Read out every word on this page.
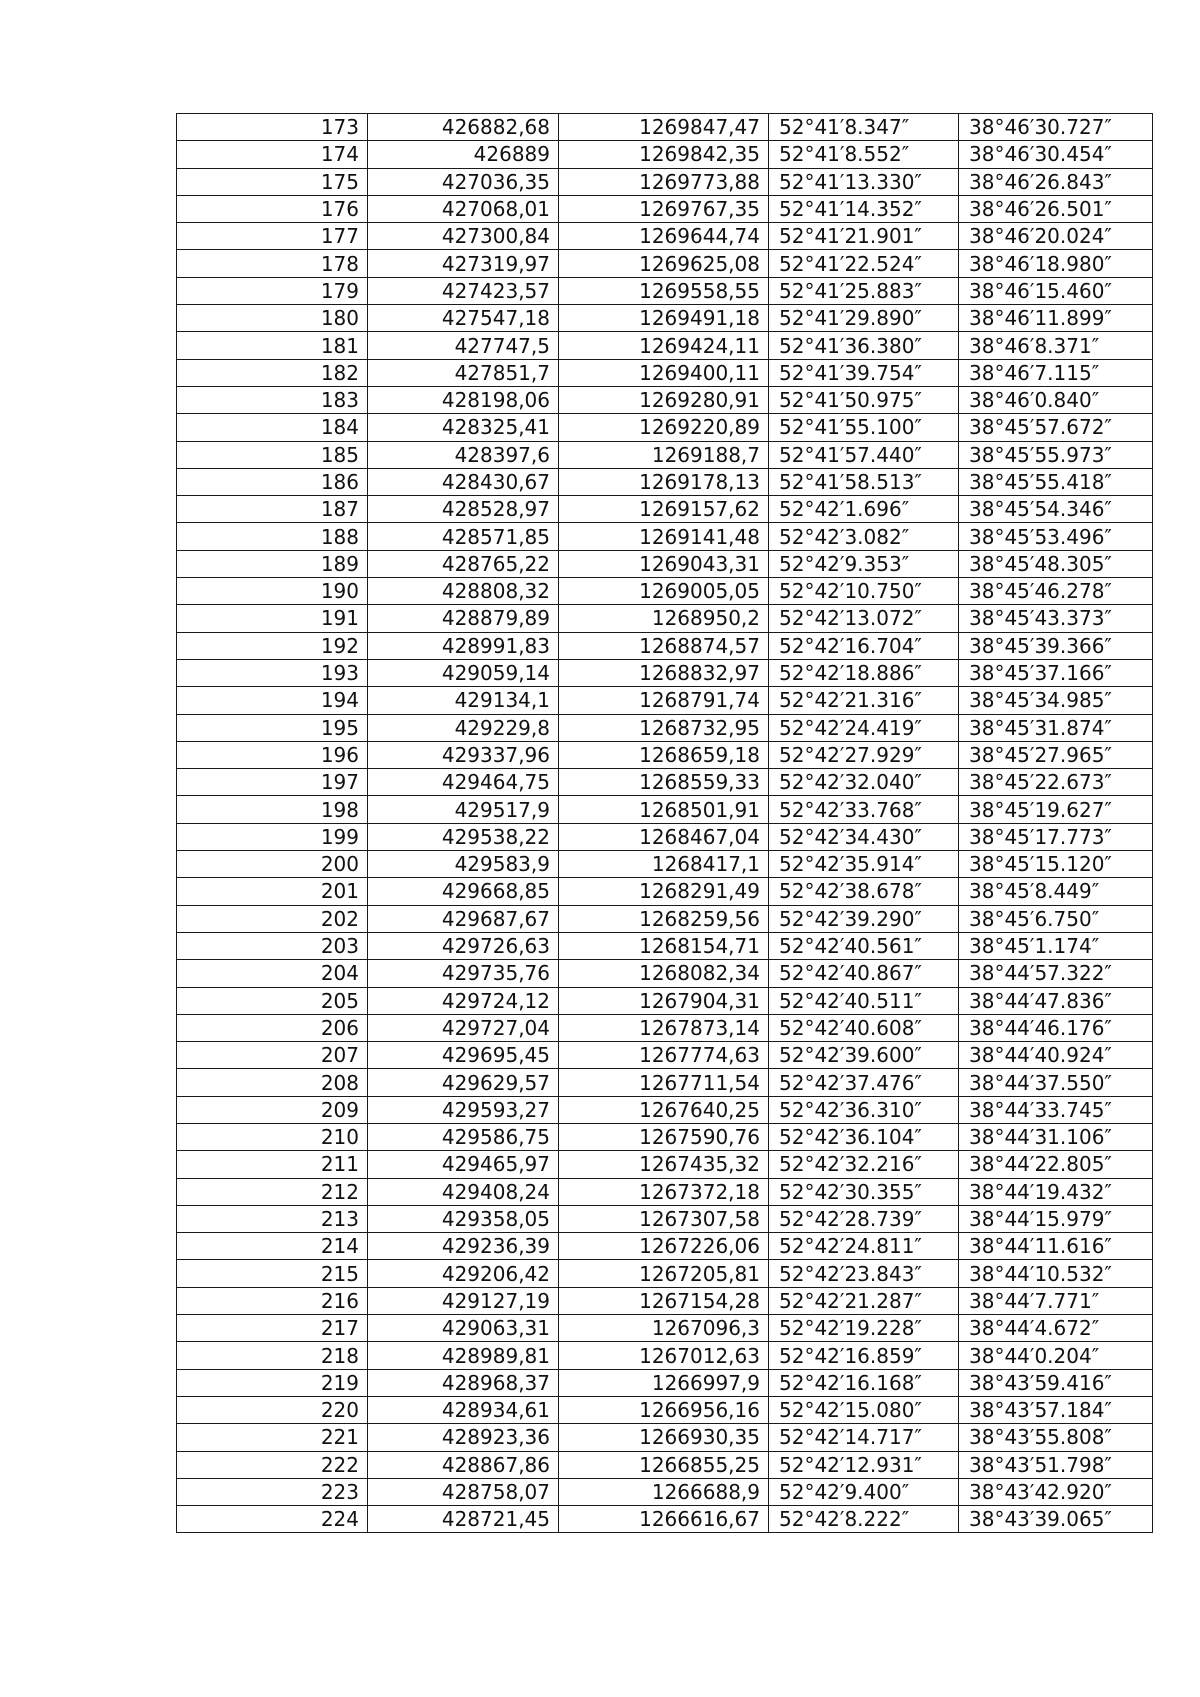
173	426882,68	1269847,47	52°41′8.347″	38°46′30.727″
174	426889	1269842,35	52°41′8.552″	38°46′30.454″
175	427036,35	1269773,88	52°41′13.330″	38°46′26.843″
176	427068,01	1269767,35	52°41′14.352″	38°46′26.501″
177	427300,84	1269644,74	52°41′21.901″	38°46′20.024″
178	427319,97	1269625,08	52°41′22.524″	38°46′18.980″
179	427423,57	1269558,55	52°41′25.883″	38°46′15.460″
180	427547,18	1269491,18	52°41′29.890″	38°46′11.899″
181	427747,5	1269424,11	52°41′36.380″	38°46′8.371″
182	427851,7	1269400,11	52°41′39.754″	38°46′7.115″
183	428198,06	1269280,91	52°41′50.975″	38°46′0.840″
184	428325,41	1269220,89	52°41′55.100″	38°45′57.672″
185	428397,6	1269188,7	52°41′57.440″	38°45′55.973″
186	428430,67	1269178,13	52°41′58.513″	38°45′55.418″
187	428528,97	1269157,62	52°42′1.696″	38°45′54.346″
188	428571,85	1269141,48	52°42′3.082″	38°45′53.496″
189	428765,22	1269043,31	52°42′9.353″	38°45′48.305″
190	428808,32	1269005,05	52°42′10.750″	38°45′46.278″
191	428879,89	1268950,2	52°42′13.072″	38°45′43.373″
192	428991,83	1268874,57	52°42′16.704″	38°45′39.366″
193	429059,14	1268832,97	52°42′18.886″	38°45′37.166″
194	429134,1	1268791,74	52°42′21.316″	38°45′34.985″
195	429229,8	1268732,95	52°42′24.419″	38°45′31.874″
196	429337,96	1268659,18	52°42′27.929″	38°45′27.965″
197	429464,75	1268559,33	52°42′32.040″	38°45′22.673″
198	429517,9	1268501,91	52°42′33.768″	38°45′19.627″
199	429538,22	1268467,04	52°42′34.430″	38°45′17.773″
200	429583,9	1268417,1	52°42′35.914″	38°45′15.120″
201	429668,85	1268291,49	52°42′38.678″	38°45′8.449″
202	429687,67	1268259,56	52°42′39.290″	38°45′6.750″
203	429726,63	1268154,71	52°42′40.561″	38°45′1.174″
204	429735,76	1268082,34	52°42′40.867″	38°44′57.322″
205	429724,12	1267904,31	52°42′40.511″	38°44′47.836″
206	429727,04	1267873,14	52°42′40.608″	38°44′46.176″
207	429695,45	1267774,63	52°42′39.600″	38°44′40.924″
208	429629,57	1267711,54	52°42′37.476″	38°44′37.550″
209	429593,27	1267640,25	52°42′36.310″	38°44′33.745″
210	429586,75	1267590,76	52°42′36.104″	38°44′31.106″
211	429465,97	1267435,32	52°42′32.216″	38°44′22.805″
212	429408,24	1267372,18	52°42′30.355″	38°44′19.432″
213	429358,05	1267307,58	52°42′28.739″	38°44′15.979″
214	429236,39	1267226,06	52°42′24.811″	38°44′11.616″
215	429206,42	1267205,81	52°42′23.843″	38°44′10.532″
216	429127,19	1267154,28	52°42′21.287″	38°44′7.771″
217	429063,31	1267096,3	52°42′19.228″	38°44′4.672″
218	428989,81	1267012,63	52°42′16.859″	38°44′0.204″
219	428968,37	1266997,9	52°42′16.168″	38°43′59.416″
220	428934,61	1266956,16	52°42′15.080″	38°43′57.184″
221	428923,36	1266930,35	52°42′14.717″	38°43′55.808″
222	428867,86	1266855,25	52°42′12.931″	38°43′51.798″
223	428758,07	1266688,9	52°42′9.400″	38°43′42.920″
224	428721,45	1266616,67	52°42′8.222″	38°43′39.065″
